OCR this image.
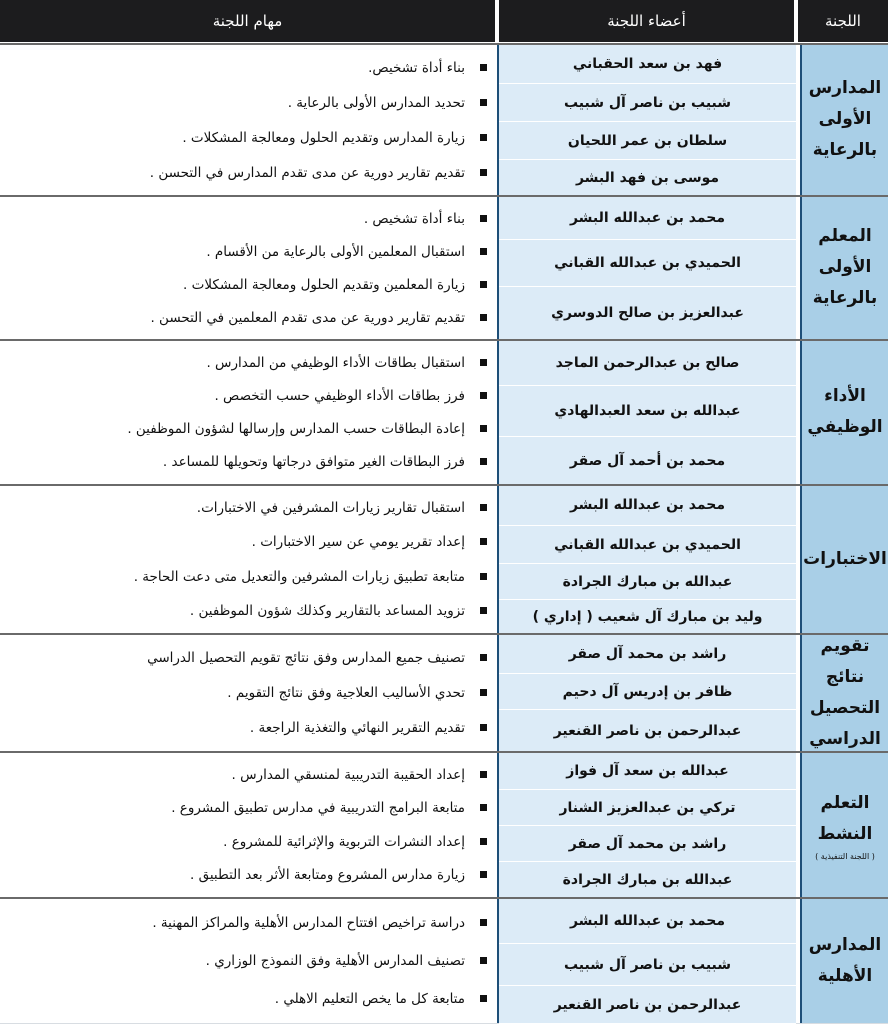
اللجنة
أعضاء اللجنة
مهام اللجنة
المدارس
الأولى
بالرعاية
فهد بن سعد الحقباني
شبيب بن ناصر آل شبيب
سلطان بن عمر اللحيان
موسى بن فهد البشر
بناء أداة تشخيص.
تحديد المدارس الأولى بالرعاية .
زيارة المدارس وتقديم الحلول ومعالجة المشكلات .
تقديم تقارير دورية عن مدى تقدم المدارس في التحسن .
المعلم
الأولى
بالرعاية
محمد بن عبدالله البشر
الحميدي بن عبدالله القباني
عبدالعزيز بن صالح الدوسري
بناء أداة تشخيص .
استقبال المعلمين الأولى بالرعاية من الأقسام .
زيارة المعلمين وتقديم الحلول ومعالجة المشكلات .
تقديم تقارير دورية عن مدى تقدم المعلمين في التحسن .
الأداء
الوظيفي
صالح بن عبدالرحمن الماجد
عبدالله بن سعد العبدالهادي
محمد بن أحمد آل صقر
استقبال بطاقات الأداء الوظيفي من المدارس .
فرز بطاقات الأداء الوظيفي حسب التخصص .
إعادة البطاقات حسب المدارس وإرسالها لشؤون الموظفين .
فرز البطاقات الغير متوافق درجاتها وتحويلها للمساعد .
الاختبارات
محمد بن عبدالله البشر
الحميدي بن عبدالله القباني
عبدالله بن مبارك الجرادة
وليد بن مبارك آل شعيب ( إداري )
استقبال تقارير زيارات المشرفين في الاختبارات.
إعداد تقرير يومي عن سير الاختبارات .
متابعة تطبيق زيارات المشرفين والتعديل متى دعت الحاجة .
تزويد المساعد بالتقارير وكذلك شؤون الموظفين .
تقويم نتائج
التحصيل
الدراسي
راشد بن محمد آل صقر
ظافر بن إدريس آل دحيم
عبدالرحمن بن ناصر القنعير
تصنيف جميع المدارس وفق نتائج تقويم التحصيل الدراسي
تحدي الأساليب العلاجية وفق نتائج التقويم .
تقديم التقرير النهائي والتغذية الراجعة .
التعلم
النشط
( اللجنة التنفيذية )
عبدالله بن سعد آل فواز
تركي بن عبدالعزيز الشنار
راشد بن محمد آل صقر
عبدالله بن مبارك الجرادة
إعداد الحقيبة التدريبية لمنسقي المدارس .
متابعة البرامج التدريبية في مدارس تطبيق المشروع .
إعداد النشرات التربوية والإثرائية للمشروع .
زيارة مدارس المشروع ومتابعة الأثر بعد التطبيق .
المدارس
الأهلية
محمد بن عبدالله البشر
شبيب بن ناصر آل شبيب
عبدالرحمن بن ناصر القنعير
دراسة تراخيص افتتاح المدارس الأهلية والمراكز المهنية .
تصنيف المدارس الأهلية وفق النموذج الوزاري .
متابعة كل ما يخص التعليم الاهلي .
